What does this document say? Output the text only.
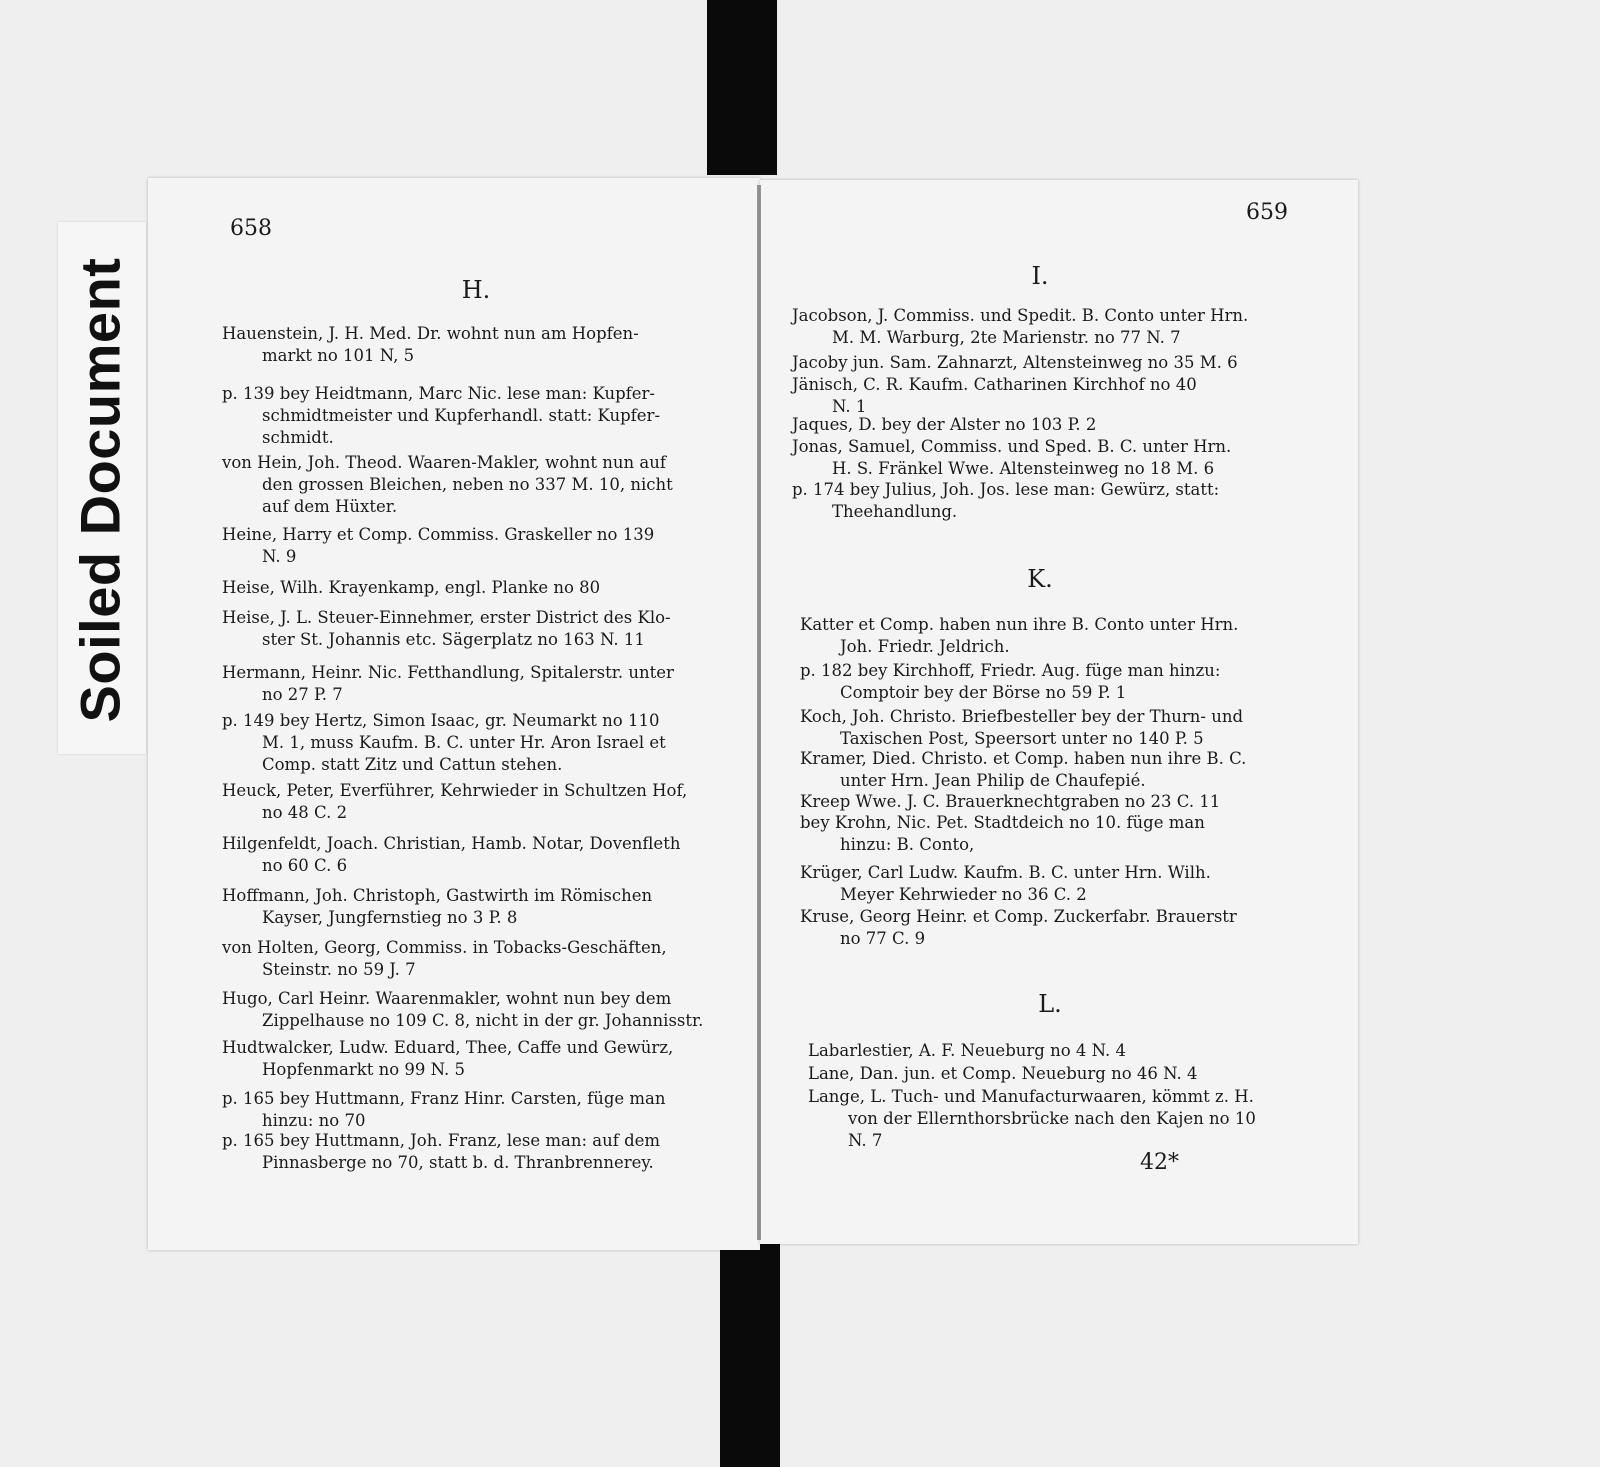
Soiled Document
658
659
H.	I.
K.
L.
42*
Hauenstein, J. H. Med. Dr. wohnt nun am Hopfen-
markt no 101 N, 5
p. 139 bey Heidtmann, Marc Nic. lese man: Kupfer-
schmidtmeister und Kupferhandl. statt: Kupfer-
schmidt.
von Hein, Joh. Theod. Waaren-Makler, wohnt nun auf
den grossen Bleichen, neben no 337 M. 10, nicht
auf dem Hüxter.
Heine, Harry et Comp. Commiss. Graskeller no 139
N. 9
Heise, Wilh. Krayenkamp, engl. Planke no 80
Heise, J. L. Steuer-Einnehmer, erster District des Klo-
ster St. Johannis etc. Sägerplatz no 163 N. 11
Hermann, Heinr. Nic. Fetthandlung, Spitalerstr. unter
no 27 P. 7
p. 149 bey Hertz, Simon Isaac, gr. Neumarkt no 110
M. 1, muss Kaufm. B. C. unter Hr. Aron Israel et
Comp. statt Zitz und Cattun stehen.
Heuck, Peter, Everführer, Kehrwieder in Schultzen Hof,
no 48 C. 2
Hilgenfeldt, Joach. Christian, Hamb. Notar, Dovenfleth
no 60 C. 6
Hoffmann, Joh. Christoph, Gastwirth im Römischen
Kayser, Jungfernstieg no 3 P. 8
von Holten, Georg, Commiss. in Tobacks-Geschäften,
Steinstr. no 59 J. 7
Hugo, Carl Heinr. Waarenmakler, wohnt nun bey dem
Zippelhause no 109 C. 8, nicht in der gr. Johannisstr.
Hudtwalcker, Ludw. Eduard, Thee, Caffe und Gewürz,
Hopfenmarkt no 99 N. 5
p. 165 bey Huttmann, Franz Hinr. Carsten, füge man
hinzu: no 70
p. 165 bey Huttmann, Joh. Franz, lese man: auf dem
Pinnasberge no 70, statt b. d. Thranbrennerey.
Jacobson, J. Commiss. und Spedit. B. Conto unter Hrn.
M. M. Warburg, 2te Marienstr. no 77 N. 7
Jacoby jun. Sam. Zahnarzt, Altensteinweg no 35 M. 6
Jänisch, C. R. Kaufm. Catharinen Kirchhof no 40
N. 1
Jaques, D. bey der Alster no 103 P. 2
Jonas, Samuel, Commiss. und Sped. B. C. unter Hrn.
H. S. Fränkel Wwe. Altensteinweg no 18 M. 6
p. 174 bey Julius, Joh. Jos. lese man: Gewürz, statt:
Theehandlung.
Katter et Comp. haben nun ihre B. Conto unter Hrn.
Joh. Friedr. Jeldrich.
p. 182 bey Kirchhoff, Friedr. Aug. füge man hinzu:
Comptoir bey der Börse no 59 P. 1
Koch, Joh. Christo. Briefbesteller bey der Thurn- und
Taxischen Post, Speersort unter no 140 P. 5
Kramer, Died. Christo. et Comp. haben nun ihre B. C.
unter Hrn. Jean Philip de Chaufepié.
Kreep Wwe. J. C. Brauerknechtgraben no 23 C. 11
bey Krohn, Nic. Pet. Stadtdeich no 10. füge man
hinzu: B. Conto,
Krüger, Carl Ludw. Kaufm. B. C. unter Hrn. Wilh.
Meyer Kehrwieder no 36 C. 2
Kruse, Georg Heinr. et Comp. Zuckerfabr. Brauerstr
no 77 C. 9
Labarlestier, A. F. Neueburg no 4 N. 4
Lane, Dan. jun. et Comp. Neueburg no 46 N. 4
Lange, L. Tuch- und Manufacturwaaren, kömmt z. H.
von der Ellernthorsbrücke nach den Kajen no 10
N. 7
